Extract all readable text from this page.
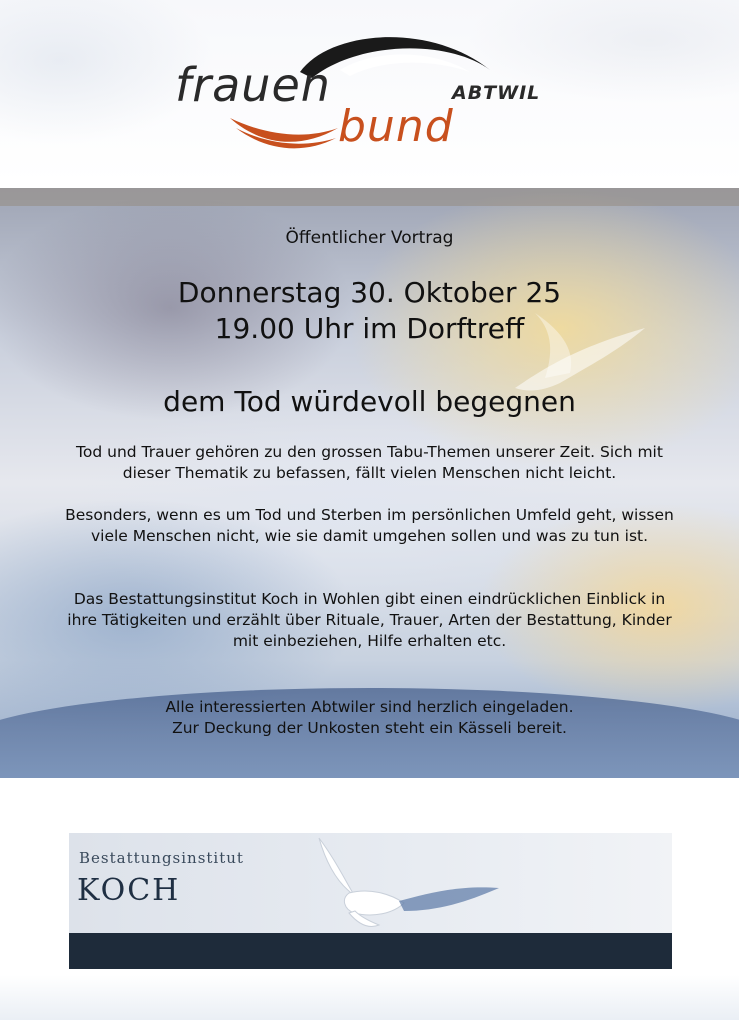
frauen	ABTWIL
bund
Öffentlicher Vortrag
Donnerstag 30. Oktober 25
19.00 Uhr im Dorftreff
dem Tod würdevoll begegnen
Tod und Trauer gehören zu den grossen Tabu-Themen unserer Zeit. Sich mit dieser Thematik zu befassen, fällt vielen Menschen nicht leicht.
Besonders, wenn es um Tod und Sterben im persönlichen Umfeld geht, wissen viele Menschen nicht, wie sie damit umgehen sollen und was zu tun ist.
Das Bestattungsinstitut Koch in Wohlen gibt einen eindrücklichen Einblick in ihre Tätigkeiten und erzählt über Rituale, Trauer, Arten der Bestattung, Kinder mit einbeziehen, Hilfe erhalten etc.
Alle interessierten Abtwiler sind herzlich eingeladen.
Zur Deckung der Unkosten steht ein Kässeli bereit.
Bestattungsinstitut
KOCH
